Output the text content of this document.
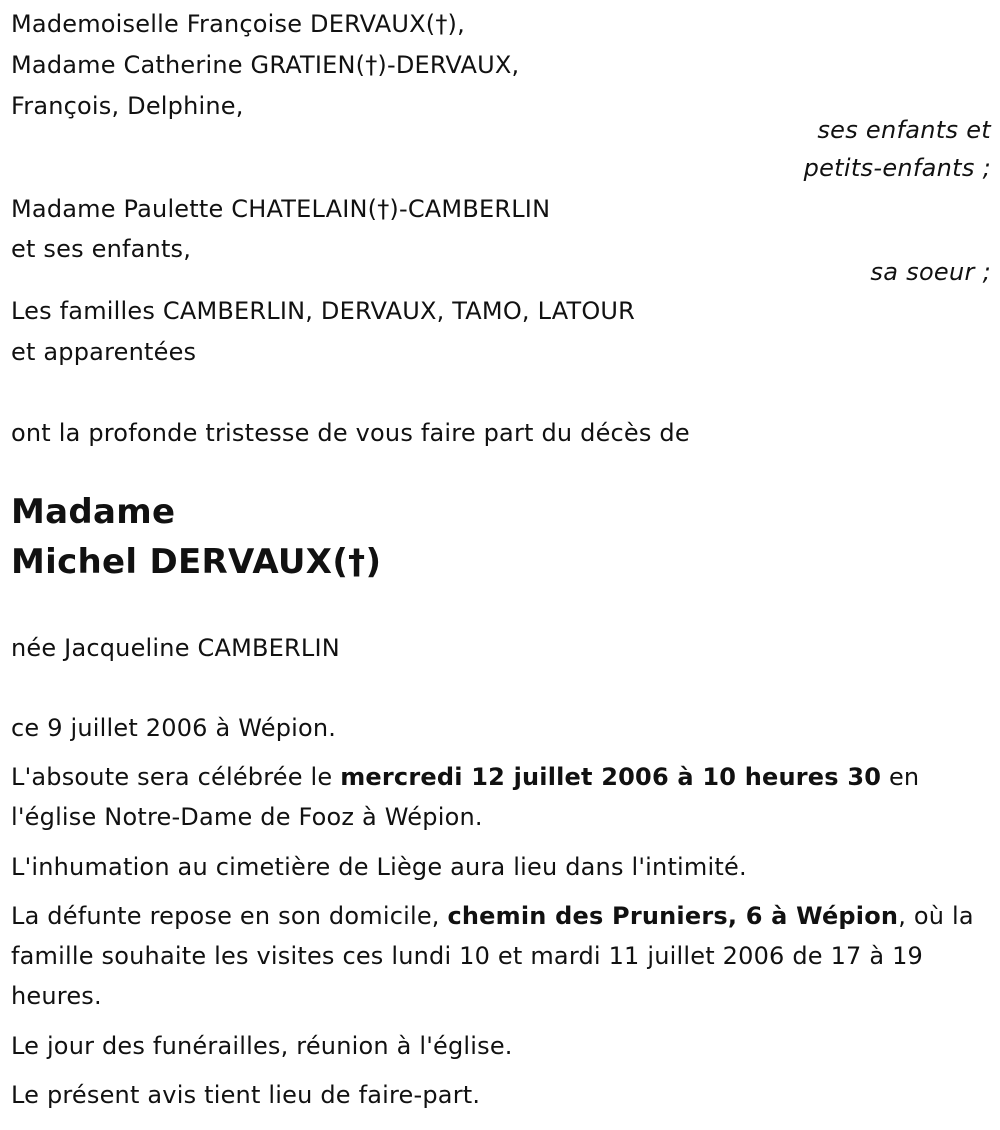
Mademoiselle Françoise DERVAUX(†),
Madame Catherine GRATIEN(†)-DERVAUX,
François, Delphine,
ses enfants et
petits-enfants ;
Madame Paulette CHATELAIN(†)-CAMBERLIN
et ses enfants,
sa soeur ;
Les familles CAMBERLIN, DERVAUX, TAMO, LATOUR
et apparentées
ont la profonde tristesse de vous faire part du décès de
Madame
Michel DERVAUX(†)
née Jacqueline CAMBERLIN
ce 9 juillet 2006 à Wépion.
L'absoute sera célébrée le mercredi 12 juillet 2006 à 10 heures 30 en l'église Notre-Dame de Fooz à Wépion.
L'inhumation au cimetière de Liège aura lieu dans l'intimité.
La défunte repose en son domicile, chemin des Pruniers, 6 à Wépion, où la famille souhaite les visites ces lundi 10 et mardi 11 juillet 2006 de 17 à 19 heures.
Le jour des funérailles, réunion à l'église.
Le présent avis tient lieu de faire-part.
